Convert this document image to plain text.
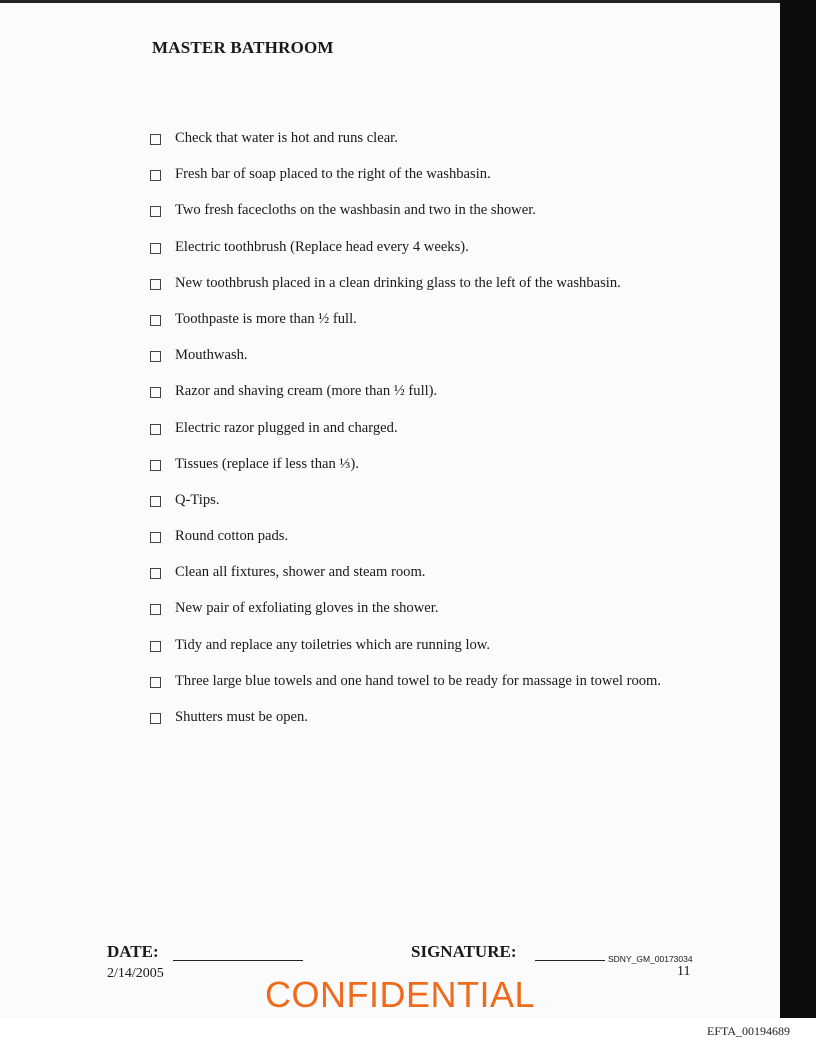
MASTER BATHROOM
Check that water is hot and runs clear.
Fresh bar of soap placed to the right of the washbasin.
Two fresh facecloths on the washbasin and two in the shower.
Electric toothbrush (Replace head every 4 weeks).
New toothbrush placed in a clean drinking glass to the left of the washbasin.
Toothpaste is more than ½ full.
Mouthwash.
Razor and shaving cream (more than ½ full).
Electric razor plugged in and charged.
Tissues (replace if less than ⅓).
Q-Tips.
Round cotton pads.
Clean all fixtures, shower and steam room.
New pair of exfoliating gloves in the shower.
Tidy and replace any toiletries which are running low.
Three large blue towels and one hand towel to be ready for massage in towel room.
Shutters must be open.
DATE:	SIGNATURE:
2/14/2005
SDNY_GM_00173034
11
CONFIDENTIAL
EFTA_00194689
